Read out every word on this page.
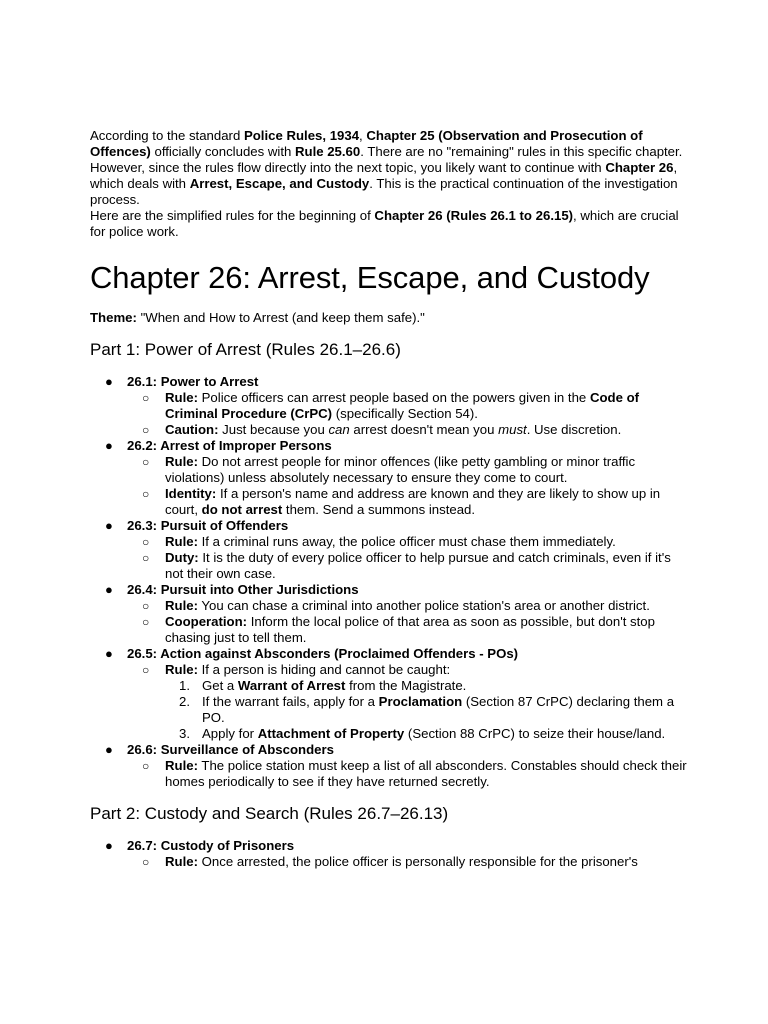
According to the standard Police Rules, 1934, Chapter 25 (Observation and Prosecution of Offences) officially concludes with Rule 25.60. There are no "remaining" rules in this specific chapter.

However, since the rules flow directly into the next topic, you likely want to continue with Chapter 26, which deals with Arrest, Escape, and Custody. This is the practical continuation of the investigation process.

Here are the simplified rules for the beginning of Chapter 26 (Rules 26.1 to 26.15), which are crucial for police work.

Chapter 26: Arrest, Escape, and Custody

Theme: "When and How to Arrest (and keep them safe)."

Part 1: Power of Arrest (Rules 26.1–26.6)
● 26.1: Power to Arrest
○ Rule: Police officers can arrest people based on the powers given in the Code of Criminal Procedure (CrPC) (specifically Section 54).
○ Caution: Just because you can arrest doesn't mean you must. Use discretion.
● 26.2: Arrest of Improper Persons
○ Rule: Do not arrest people for minor offences (like petty gambling or minor traffic violations) unless absolutely necessary to ensure they come to court.
○ Identity: If a person's name and address are known and they are likely to show up in court, do not arrest them. Send a summons instead.
● 26.3: Pursuit of Offenders
○ Rule: If a criminal runs away, the police officer must chase them immediately.
○ Duty: It is the duty of every police officer to help pursue and catch criminals, even if it's not their own case.
● 26.4: Pursuit into Other Jurisdictions
○ Rule: You can chase a criminal into another police station's area or another district.
○ Cooperation: Inform the local police of that area as soon as possible, but don't stop chasing just to tell them.
● 26.5: Action against Absconders (Proclaimed Offenders - POs)
○ Rule: If a person is hiding and cannot be caught:
1. Get a Warrant of Arrest from the Magistrate.
2. If the warrant fails, apply for a Proclamation (Section 87 CrPC) declaring them a PO.
3. Apply for Attachment of Property (Section 88 CrPC) to seize their house/land.
● 26.6: Surveillance of Absconders
○ Rule: The police station must keep a list of all absconders. Constables should check their homes periodically to see if they have returned secretly.
Part 2: Custody and Search (Rules 26.7–26.13)
● 26.7: Custody of Prisoners
○ Rule: Once arrested, the police officer is personally responsible for the prisoner's
